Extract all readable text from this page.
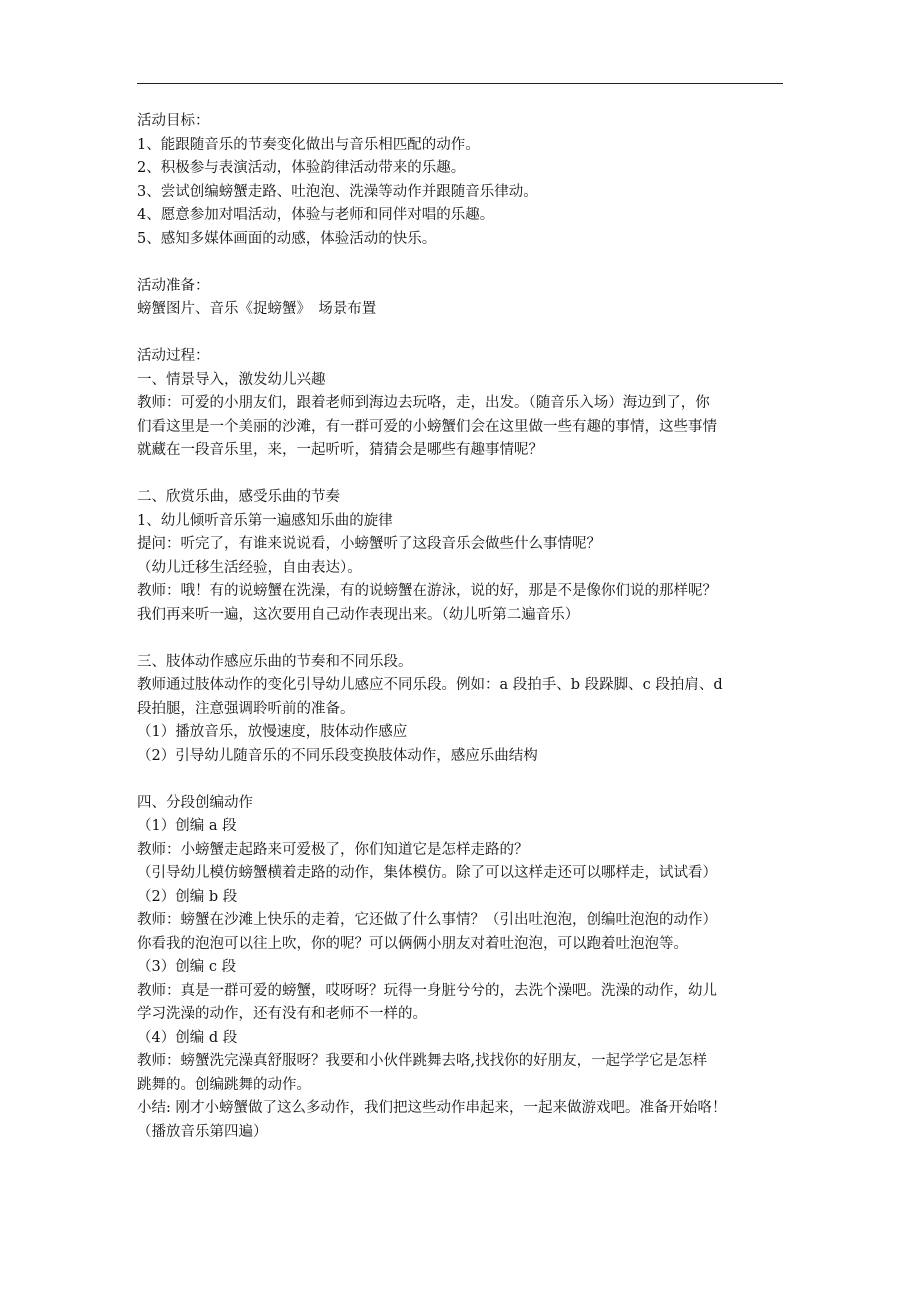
活动目标：
1、能跟随音乐的节奏变化做出与音乐相匹配的动作。
2、积极参与表演活动，体验韵律活动带来的乐趣。
3、尝试创编螃蟹走路、吐泡泡、洗澡等动作并跟随音乐律动。
4、愿意参加对唱活动，体验与老师和同伴对唱的乐趣。
5、感知多媒体画面的动感，体验活动的快乐。
活动准备：
螃蟹图片、音乐《捉螃蟹》　场景布置
活动过程：
一、情景导入，激发幼儿兴趣
教师：可爱的小朋友们，跟着老师到海边去玩咯，走，出发。（随音乐入场）海边到了，你
们看这里是一个美丽的沙滩，有一群可爱的小螃蟹们会在这里做一些有趣的事情，这些事情
就藏在一段音乐里，来，一起听听，猜猜会是哪些有趣事情呢？
二、欣赏乐曲，感受乐曲的节奏
1、幼儿倾听音乐第一遍感知乐曲的旋律
提问：听完了，有谁来说说看，小螃蟹听了这段音乐会做些什么事情呢？
（幼儿迁移生活经验，自由表达）。
教师：哦！有的说螃蟹在洗澡，有的说螃蟹在游泳，说的好，那是不是像你们说的那样呢？
我们再来听一遍，这次要用自己动作表现出来。（幼儿听第二遍音乐）
三、肢体动作感应乐曲的节奏和不同乐段。
教师通过肢体动作的变化引导幼儿感应不同乐段。例如：a 段拍手、b 段跺脚、c 段拍肩、d
段拍腿，注意强调聆听前的准备。
（1）播放音乐，放慢速度，肢体动作感应
（2）引导幼儿随音乐的不同乐段变换肢体动作，感应乐曲结构
四、分段创编动作
（1）创编 a 段
教师：小螃蟹走起路来可爱极了，你们知道它是怎样走路的？
（引导幼儿模仿螃蟹横着走路的动作，集体模仿。除了可以这样走还可以哪样走，试试看）
（2）创编 b 段
教师：螃蟹在沙滩上快乐的走着，它还做了什么事情？（引出吐泡泡，创编吐泡泡的动作）
你看我的泡泡可以往上吹，你的呢？可以俩俩小朋友对着吐泡泡，可以跑着吐泡泡等。
（3）创编 c 段
教师：真是一群可爱的螃蟹，哎呀呀？玩得一身脏兮兮的，去洗个澡吧。洗澡的动作，幼儿
学习洗澡的动作，还有没有和老师不一样的。
（4）创编 d 段
教师：螃蟹洗完澡真舒服呀？我要和小伙伴跳舞去咯,找找你的好朋友，一起学学它是怎样
跳舞的。创编跳舞的动作。
小结: 刚才小螃蟹做了这么多动作，我们把这些动作串起来，一起来做游戏吧。准备开始咯！
（播放音乐第四遍）
